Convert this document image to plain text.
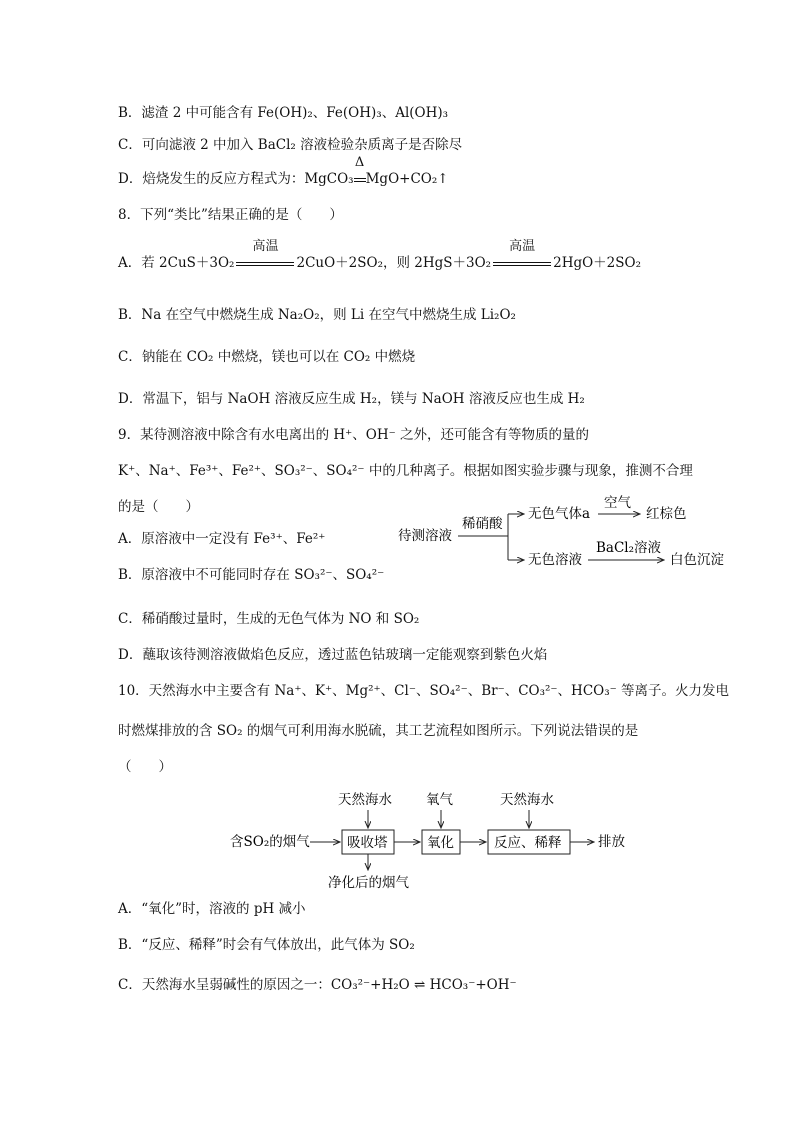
B．滤渣 2 中可能含有 Fe(OH)₂、Fe(OH)₃、Al(OH)₃
C．可向滤液 2 中加入 BaCl₂ 溶液检验杂质离子是否除尽
D．焙烧发生的反应方程式为：MgCO₃
Δ
MgO+CO₂↑
8．下列“类比”结果正确的是（　　）
A．若 2CuS＋3O₂
高温
2CuO＋2SO₂，则 2HgS＋3O₂
高温
2HgO＋2SO₂
B．Na 在空气中燃烧生成 Na₂O₂，则 Li 在空气中燃烧生成 Li₂O₂
C．钠能在 CO₂ 中燃烧，镁也可以在 CO₂ 中燃烧
D．常温下，铝与 NaOH 溶液反应生成 H₂，镁与 NaOH 溶液反应也生成 H₂
9．某待测溶液中除含有水电离出的 H⁺、OH⁻ 之外，还可能含有等物质的量的
K⁺、Na⁺、Fe³⁺、Fe²⁺、SO₃²⁻、SO₄²⁻ 中的几种离子。根据如图实验步骤与现象，推测不合理
的是（　　）
A．原溶液中一定没有 Fe³⁺、Fe²⁺
B．原溶液中不可能同时存在 SO₃²⁻、SO₄²⁻
C．稀硝酸过量时，生成的无色气体为 NO 和 SO₂
D．蘸取该待测溶液做焰色反应，透过蓝色钴玻璃一定能观察到紫色火焰
待测溶液
稀硝酸
无色气体a
空气
红棕色
无色溶液
BaCl₂溶液
白色沉淀
10．天然海水中主要含有 Na⁺、K⁺、Mg²⁺、Cl⁻、SO₄²⁻、Br⁻、CO₃²⁻、HCO₃⁻ 等离子。火力发电
时燃煤排放的含 SO₂ 的烟气可利用海水脱硫，其工艺流程如图所示。下列说法错误的是
（　　）
含SO₂的烟气	吸收塔	氧化	反应、稀释	排放
天然海水	氧气	天然海水
净化后的烟气
A．“氧化”时，溶液的 pH 减小
B．“反应、稀释”时会有气体放出，此气体为 SO₂
C．天然海水呈弱碱性的原因之一：CO₃²⁻+H₂O ⇌ HCO₃⁻+OH⁻
